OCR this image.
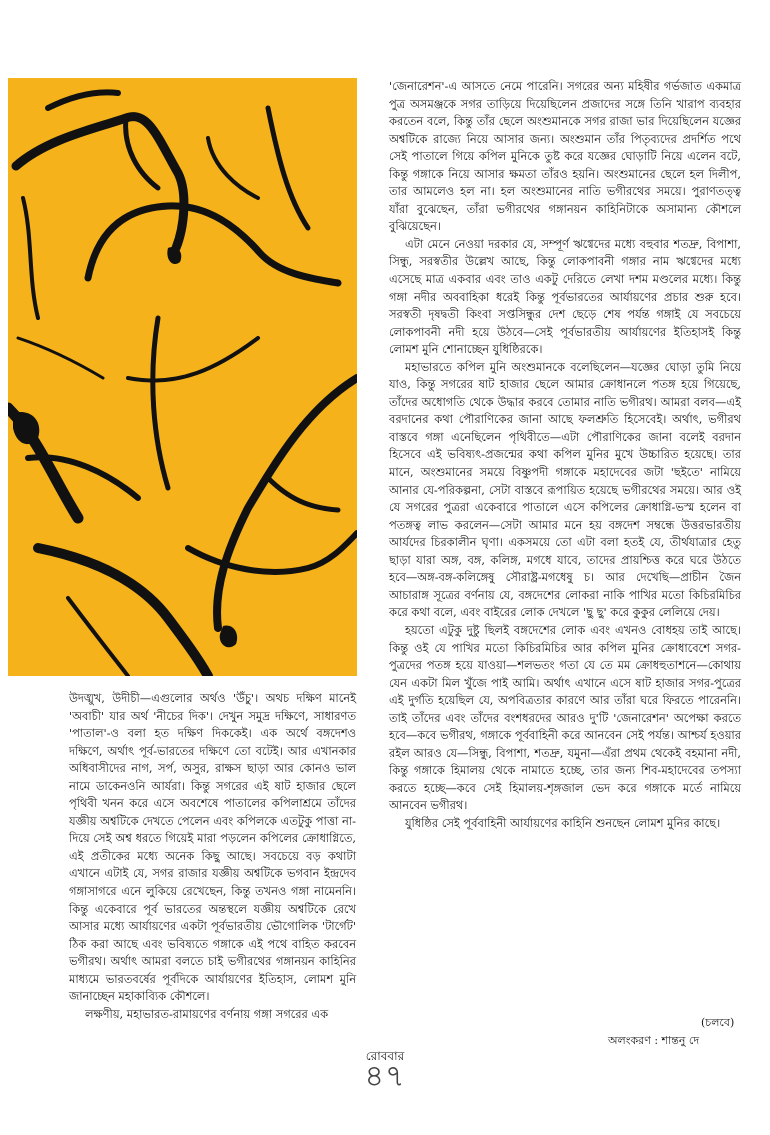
'জেনারেশন'-এ আসতে নেমে পারেনি। সগরের অন্য মহিষীর গর্ভজাত একমাত্র পুত্র অসমঞ্জকে সগর তাড়িয়ে দিয়েছিলেন প্রজাদের সঙ্গে তিনি খারাপ ব্যবহার করতেন বলে, কিন্তু তাঁর ছেলে অংশুমানকে সগর রাজা ভার দিয়েছিলেন যজ্ঞের অশ্বটিকে রাজ্যে নিয়ে আসার জন্য। অংশুমান তাঁর পিতৃব্যদের প্রদর্শিত পথে সেই পাতালে গিয়ে কপিল মুনিকে তুষ্ট করে যজ্ঞের ঘোড়াটি নিয়ে এলেন বটে, কিন্তু গঙ্গাকে নিয়ে আসার ক্ষমতা তাঁরও হয়নি। অংশুমানের ছেলে হল দিলীপ, তার আমলেও হল না। হল অংশুমানের নাতি ভগীরথের সময়ে। পুরাণতত্ত্ব যাঁরা বুঝেছেন, তাঁরা ভগীরথের গঙ্গানয়ন কাহিনিটাকে অসামান্য কৌশলে বুঝিয়েছেন।

এটা মেনে নেওয়া দরকার যে, সম্পূর্ণ ঋগ্বেদের মধ্যে বহুবার শতদ্রু, বিপাশা, সিন্ধু, সরস্বতীর উল্লেখ আছে, কিন্তু লোকপাবনী গঙ্গার নাম ঋগ্বেদের মধ্যে এসেছে মাত্র একবার এবং তাও একটু দেরিতে লেখা দশম মণ্ডলের মধ্যে। কিন্তু গঙ্গা নদীর অববাহিকা ধরেই কিন্তু পূর্বভারতের আর্যায়ণের প্রচার শুরু হবে। সরস্বতী দৃষদ্বতী কিংবা সপ্তসিন্ধুর দেশ ছেড়ে শেষ পর্যন্ত গঙ্গাই যে সবচেয়ে লোকপাবনী নদী হয়ে উঠবে—সেই পূর্বভারতীয় আর্যায়ণের ইতিহাসই কিন্তু লোমশ মুনি শোনাচ্ছেন যুধিষ্ঠিরকে।

মহাভারতে কপিল মুনি অংশুমানকে বলেছিলেন—যজ্ঞের ঘোড়া তুমি নিয়ে যাও, কিন্তু সগরের ষাট হাজার ছেলে আমার ক্রোধানলে পতঙ্গ হয়ে গিয়েছে, তাঁদের অধোগতি থেকে উদ্ধার করবে তোমার নাতি ভগীরথ। আমরা বলব—এই বরদানের কথা পৌরাণিকের জানা আছে ফলশ্রুতি হিসেবেই। অর্থাৎ, ভগীরথ বাস্তবে গঙ্গা এনেছিলেন পৃথিবীতে—এটা পৌরাণিকের জানা বলেই বরদান হিসেবে এই ভবিষ্যৎ-প্রজন্মের কথা কপিল মুনির মুখে উচ্চারিত হয়েছে। তার মানে, অংশুমানের সময়ে বিষ্ণুপদী গঙ্গাকে মহাদেবের জটা 'ছইতে' নামিয়ে আনার যে-পরিকল্পনা, সেটা বাস্তবে রূপায়িত হয়েছে ভগীরথের সময়ে। আর ওই যে সগরের পুত্ররা একেবারে পাতালে এসে কপিলের ক্রোধাগ্নি-ভস্ম হলেন বা পতঙ্গত্ব লাভ করলেন—সেটা আমার মনে হয় বঙ্গদেশ সম্বন্ধে উত্তরভারতীয় আর্যদের চিরকালীন ঘৃণা। একসময়ে তো এটা বলা হতই যে, তীর্থযাত্রার হেতু ছাড়া যারা অঙ্গ, বঙ্গ, কলিঙ্গ, মগধে যাবে, তাদের প্রায়শ্চিত্ত করে ঘরে উঠতে হবে—অঙ্গ-বঙ্গ-কলিঙ্গেষু সৌরাষ্ট্র-মগধেষু চ। আর দেখেছি—প্রাচীন জৈন আচারাঙ্গ সূত্রের বর্ণনায় যে, বঙ্গদেশের লোকরা নাকি পাখির মতো কিচিরমিচির করে কথা বলে, এবং বাইরের লোক দেখলে 'ছু ছু' করে কুকুর লেলিয়ে দেয়।

হয়তো এটুকু দুষ্টু ছিলই বঙ্গদেশের লোক এবং এখনও বোধহয় তাই আছে। কিন্তু ওই যে পাখির মতো কিচিরমিচির আর কপিল মুনির ক্রোধাবেশে সগর-পুত্রদের পতঙ্গ হয়ে যাওয়া—শলভতং গতা যে তে মম ক্রোধহুতাশনে—কোথায় যেন একটা মিল খুঁজে পাই আমি। অর্থাৎ এখানে এসে ষাট হাজার সগর-পুত্রের এই দুর্গতি হয়েছিল যে, অপবিত্রতার কারণে আর তাঁরা ঘরে ফিরতে পারেননি। তাই তাঁদের এবং তাঁদের বংশধরদের আরও দু'টি 'জেনারেশন' অপেক্ষা করতে হবে—কবে ভগীরথ, গঙ্গাকে পূর্ববাহিনী করে আনবেন সেই পর্যন্ত। আশ্চর্য হওয়ার রইল আরও যে—সিন্ধু, বিপাশা, শতদ্রু, যমুনা—এঁরা প্রথম থেকেই বহমানা নদী, কিন্তু গঙ্গাকে হিমালয় থেকে নামাতে হচ্ছে, তার জন্য শিব-মহাদেবের তপস্যা করতে হচ্ছে—কবে সেই হিমালয়-শৃঙ্গজাল ভেদ করে গঙ্গাকে মর্তে নামিয়ে আনবেন ভগীরথ।

যুধিষ্ঠির সেই পূর্ববাহিনী আর্যায়ণের কাহিনি শুনছেন লোমশ মুনির কাছে।

উদঙ্মুখ, উদীচী—এগুলোর অর্থও 'উঁচু'। অথচ দক্ষিণ মানেই 'অবাচী' যার অর্থ 'নীচের দিক'। দেখুন সমুদ্র দক্ষিণে, সাধারণত 'পাতাল'-ও বলা হত দক্ষিণ দিককেই। এক অর্থে বঙ্গদেশও দক্ষিণে, অর্থাৎ পূর্ব-ভারতের দক্ষিণে তো বটেই। আর এখানকার অধিবাসীদের নাগ, সর্প, অসুর, রাক্ষস ছাড়া আর কোনও ভাল নামে ডাকেনওনি আর্যরা। কিন্তু সগরের এই ষাট হাজার ছেলে পৃথিবী খনন করে এসে অবশেষে পাতালের কপিলাশ্রমে তাঁদের যজ্ঞীয় অশ্বটিকে দেখতে পেলেন এবং কপিলকে এতটুকু পাত্তা না-দিয়ে সেই অশ্ব ধরতে গিয়েই মারা পড়লেন কপিলের ক্রোধাগ্নিতে, এই প্রতীকের মধ্যে অনেক কিছু আছে। সবচেয়ে বড় কথাটা এখানে এটাই যে, সগর রাজার যজ্ঞীয় অশ্বটিকে ভগবান ইন্দ্রদেব গঙ্গাসাগরে এনে লুকিয়ে রেখেছেন, কিন্তু তখনও গঙ্গা নামেননি। কিন্তু একেবারে পূর্ব ভারতের অন্তস্থলে যজ্ঞীয় অশ্বটিকে রেখে আসার মধ্যে আর্যায়ণের একটা পূর্বভারতীয় ভৌগোলিক 'টার্গেট' ঠিক করা আছে এবং ভবিষ্যতে গঙ্গাকে এই পথে বাহিত করবেন ভগীরথ। অর্থাৎ আমরা বলতে চাই ভগীরথের গঙ্গানয়ন কাহিনির মাধ্যমে ভারতবর্ষের পূর্বদিকে আর্যায়ণের ইতিহাস, লোমশ মুনি জানাচ্ছেন মহাকাব্যিক কৌশলে।

লক্ষণীয়, মহাভারত-রামায়ণের বর্ণনায় গঙ্গা সগরের এক

(চলবে)
অলংকরণ : শান্তনু দে
রোববার
৪৭
